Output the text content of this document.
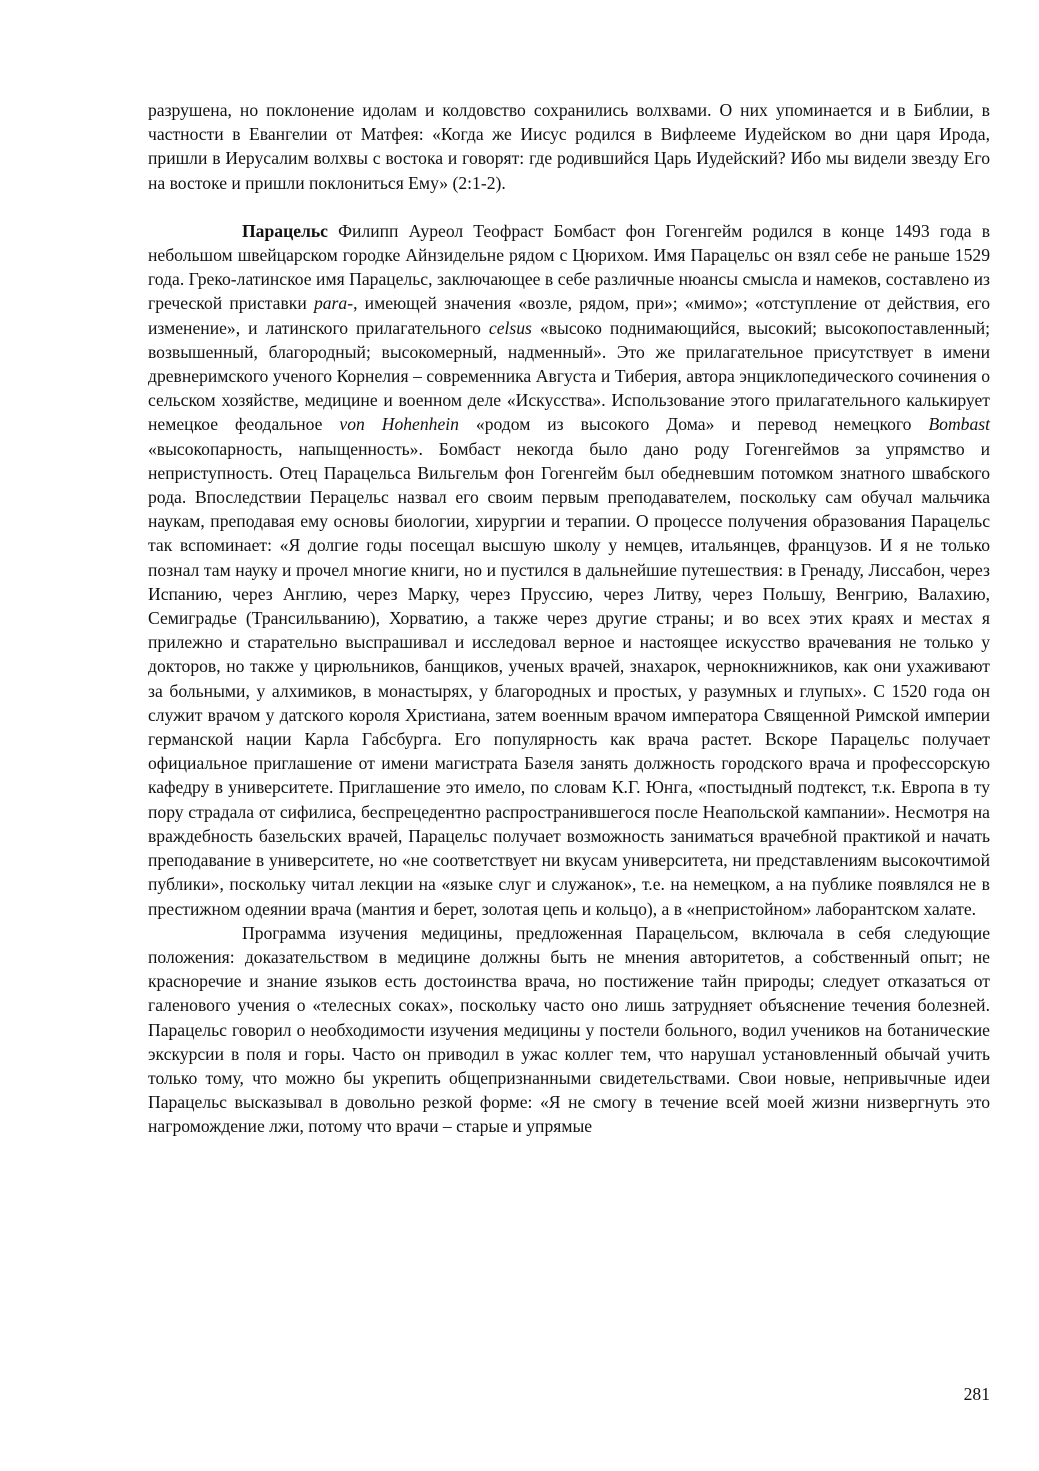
разрушена, но поклонение идолам и колдовство сохранились волхвами. О них упоминается и в Библии, в частности в Евангелии от Матфея: «Когда же Иисус родился в Вифлееме Иудейском во дни царя Ирода, пришли в Иерусалим волхвы с востока и говорят: где родившийся Царь Иудейский? Ибо мы видели звезду Его на востоке и пришли поклониться Ему» (2:1-2).

Парацельс Филипп Ауреол Теофраст Бомбаст фон Гогенгейм родился в конце 1493 года в небольшом швейцарском городке Айнзидельне рядом с Цюрихом. Имя Парацельс он взял себе не раньше 1529 года. Греко-латинское имя Парацельс, заключающее в себе различные нюансы смысла и намеков, составлено из греческой приставки para-, имеющей значения «возле, рядом, при»; «мимо»; «отступление от действия, его изменение», и латинского прилагательного celsus «высоко поднимающийся, высокий; высокопоставленный; возвышенный, благородный; высокомерный, надменный». Это же прилагательное присутствует в имени древнеримского ученого Корнелия – современника Августа и Тиберия, автора энциклопедического сочинения о сельском хозяйстве, медицине и военном деле «Искусства». Использование этого прилагательного калькирует немецкое феодальное von Hohenhein «родом из высокого Дома» и перевод немецкого Bombast «высокопарность, напыщенность». Бомбаст некогда было дано роду Гогенгеймов за упрямство и неприступность. Отец Парацельса Вильгельм фон Гогенгейм был обедневшим потомком знатного швабского рода. Впоследствии Перацельс назвал его своим первым преподавателем, поскольку сам обучал мальчика наукам, преподавая ему основы биологии, хирургии и терапии. О процессе получения образования Парацельс так вспоминает: «Я долгие годы посещал высшую школу у немцев, итальянцев, французов. И я не только познал там науку и прочел многие книги, но и пустился в дальнейшие путешествия: в Гренаду, Лиссабон, через Испанию, через Англию, через Марку, через Пруссию, через Литву, через Польшу, Венгрию, Валахию, Семиградье (Трансильванию), Хорватию, а также через другие страны; и во всех этих краях и местах я прилежно и старательно выспрашивал и исследовал верное и настоящее искусство врачевания не только у докторов, но также у цирюльников, банщиков, ученых врачей, знахарок, чернокнижников, как они ухаживают за больными, у алхимиков, в монастырях, у благородных и простых, у разумных и глупых». С 1520 года он служит врачом у датского короля Христиана, затем военным врачом императора Священной Римской империи германской нации Карла Габсбурга. Его популярность как врача растет. Вскоре Парацельс получает официальное приглашение от имени магистрата Базеля занять должность городского врача и профессорскую кафедру в университете. Приглашение это имело, по словам К.Г. Юнга, «постыдный подтекст, т.к. Европа в ту пору страдала от сифилиса, беспрецедентно распространившегося после Неапольской кампании». Несмотря на враждебность базельских врачей, Парацельс получает возможность заниматься врачебной практикой и начать преподавание в университете, но «не соответствует ни вкусам университета, ни представлениям высокочтимой публики», поскольку читал лекции на «языке слуг и служанок», т.е. на немецком, а на публике появлялся не в престижном одеянии врача (мантия и берет, золотая цепь и кольцо), а в «непристойном» лаборантском халате.

Программа изучения медицины, предложенная Парацельсом, включала в себя следующие положения: доказательством в медицине должны быть не мнения авторитетов, а собственный опыт; не красноречие и знание языков есть достоинства врача, но постижение тайн природы; следует отказаться от галенового учения о «телесных соках», поскольку часто оно лишь затрудняет объяснение течения болезней. Парацельс говорил о необходимости изучения медицины у постели больного, водил учеников на ботанические экскурсии в поля и горы. Часто он приводил в ужас коллег тем, что нарушал установленный обычай учить только тому, что можно бы укрепить общепризнанными свидетельствами. Свои новые, непривычные идеи Парацельс высказывал в довольно резкой форме: «Я не смогу в течение всей моей жизни низвергнуть это нагромождение лжи, потому что врачи – старые и упрямые

281
